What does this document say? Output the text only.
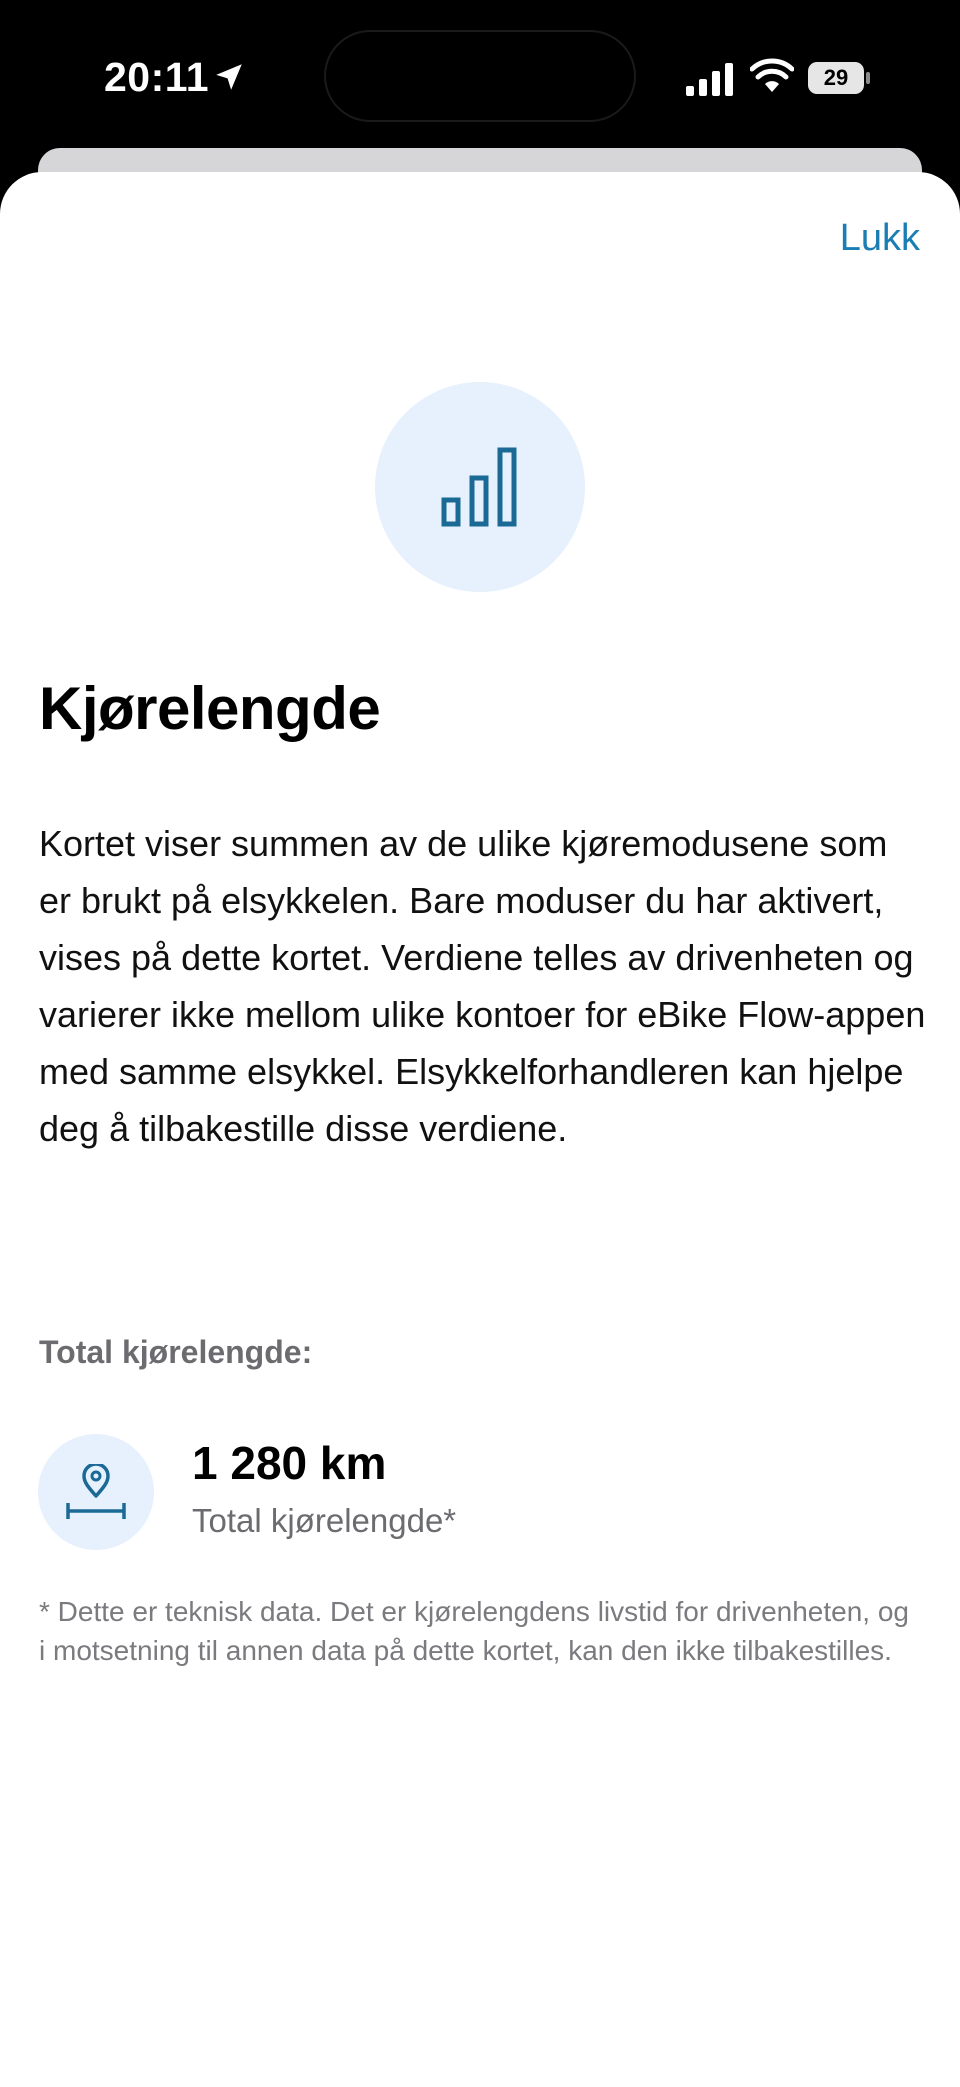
20:11	29
Lukk
Kjørelengde

Kortet viser summen av de ulike kjøremodusene som er brukt på elsykkelen. Bare moduser du har aktivert, vises på dette kortet. Verdiene telles av drivenheten og varierer ikke mellom ulike kontoer for eBike Flow-appen med samme elsykkel. Elsykkelforhandleren kan hjelpe deg å tilbakestille disse verdiene.

Total kjørelengde:
1 280 km
Total kjørelengde*

* Dette er teknisk data. Det er kjørelengdens livstid for drivenheten, og i motsetning til annen data på dette kortet, kan den ikke tilbakestilles.
